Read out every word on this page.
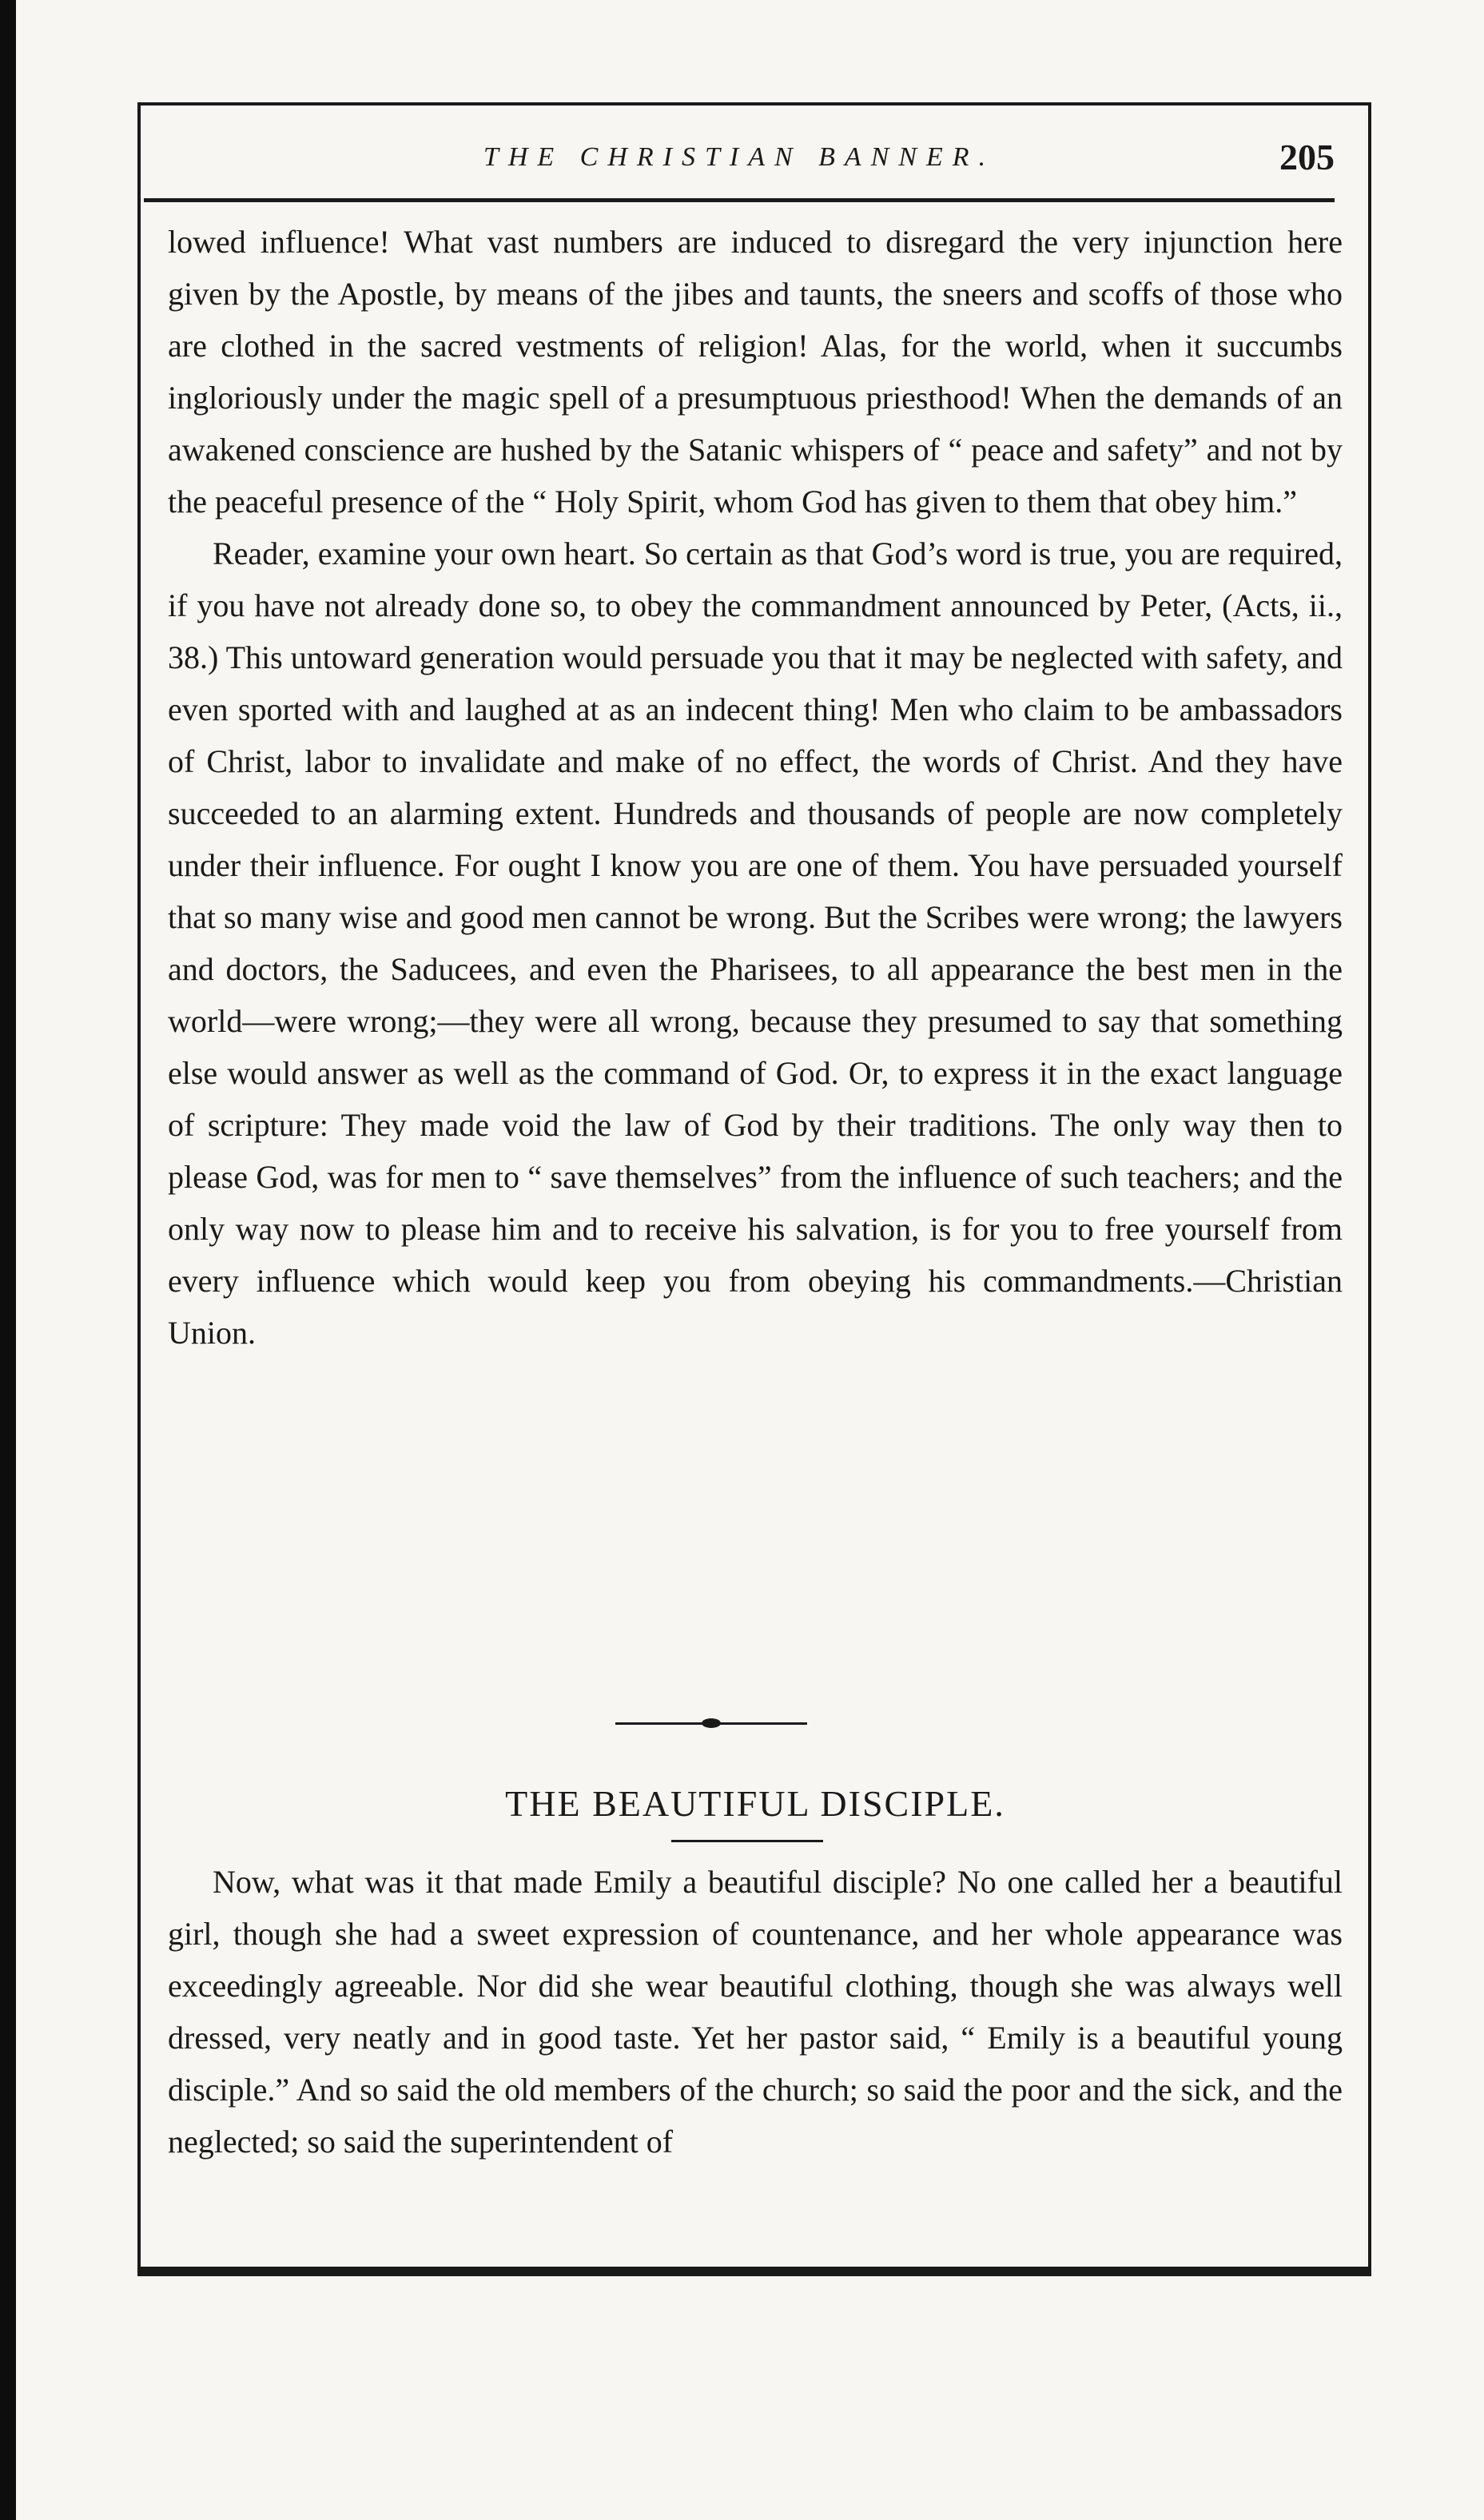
THE CHRISTIAN BANNER.	205

lowed influence! What vast numbers are induced to disregard the very injunction here given by the Apostle, by means of the jibes and taunts, the sneers and scoffs of those who are clothed in the sacred vestments of religion! Alas, for the world, when it succumbs ingloriously under the magic spell of a presumptuous priesthood! When the demands of an awakened conscience are hushed by the Satanic whispers of “ peace and safety” and not by the peaceful presence of the “ Holy Spirit, whom God has given to them that obey him.”

Reader, examine your own heart. So certain as that God’s word is true, you are required, if you have not already done so, to obey the commandment announced by Peter, (Acts, ii., 38.) This untoward generation would persuade you that it may be neglected with safety, and even sported with and laughed at as an indecent thing! Men who claim to be ambassadors of Christ, labor to invalidate and make of no effect, the words of Christ. And they have succeeded to an alarming extent. Hundreds and thousands of people are now completely under their influence. For ought I know you are one of them. You have persuaded yourself that so many wise and good men cannot be wrong. But the Scribes were wrong; the lawyers and doctors, the Saducees, and even the Pharisees, to all appearance the best men in the world—were wrong;—they were all wrong, because they presumed to say that something else would answer as well as the command of God. Or, to express it in the exact language of scripture: They made void the law of God by their traditions. The only way then to please God, was for men to “ save themselves” from the influence of such teachers; and the only way now to please him and to receive his salvation, is for you to free yourself from every influence which would keep you from obeying his commandments.—Christian Union.

THE BEAUTIFUL DISCIPLE.

Now, what was it that made Emily a beautiful disciple? No one called her a beautiful girl, though she had a sweet expression of countenance, and her whole appearance was exceedingly agreeable. Nor did she wear beautiful clothing, though she was always well dressed, very neatly and in good taste. Yet her pastor said, “ Emily is a beautiful young disciple.” And so said the old members of the church; so said the poor and the sick, and the neglected; so said the superintendent of
